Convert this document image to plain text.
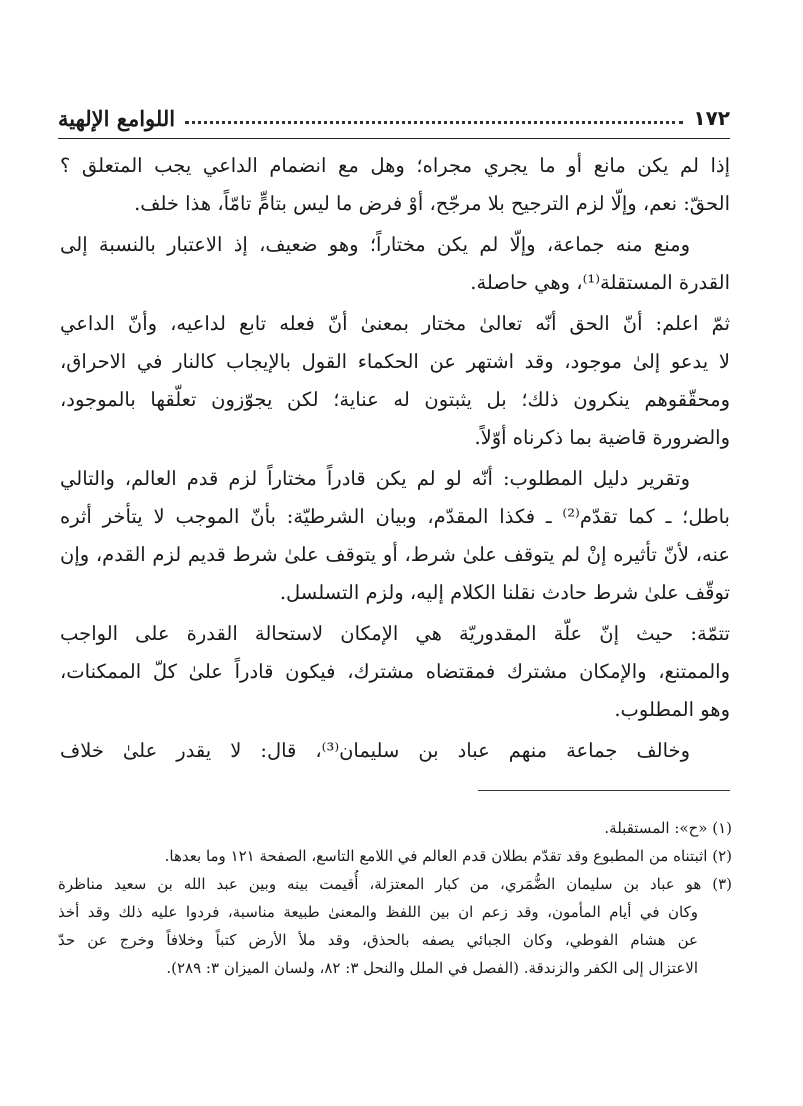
١٧٢
اللوامع الإلهية
إذا لم يكن مانع أو ما يجري مجراه؛ وهل مع انضمام الداعي يجب المتعلق ؟
الحقّ: نعم، وإلّا لزم الترجيح بلا مرجّح، أوْ فرض ما ليس بتامٍّ تامّاً، هذا خلف.
ومنع منه جماعة، وإلّا لم يكن مختاراً؛ وهو ضعيف، إذ الاعتبار بالنسبة إلى
القدرة المستقلة⁽¹⁾، وهي حاصلة.
ثمّ اعلم: أنّ الحق أنّه تعالىٰ مختار بمعنىٰ أنّ فعله تابع لداعيه، وأنّ الداعي
لا يدعو إلىٰ موجود، وقد اشتهر عن الحكماء القول بالإيجاب كالنار في الاحراق،
ومحقّقوهم ينكرون ذلك؛ بل يثبتون له عناية؛ لكن يجوّزون تعلّقها بالموجود،
والضرورة قاضية بما ذكرناه أوّلاً.
وتقرير دليل المطلوب: أنّه لو لم يكن قادراً مختاراً لزم قدم العالم، والتالي
باطل؛ ـ كما تقدّم⁽²⁾ ـ فكذا المقدّم، وبيان الشرطيّة: بأنّ الموجب لا يتأخر أثره
عنه، لأنّ تأثيره إنْ لم يتوقف علىٰ شرط، أو يتوقف علىٰ شرط قديم لزم القدم، وإن
توقّف علىٰ شرط حادث نقلنا الكلام إليه، ولزم التسلسل.
تتمّة: حيث إنّ علّة المقدوريّة هي الإمكان لاستحالة القدرة على الواجب
والممتنع، والإمكان مشترك فمقتضاه مشترك، فيكون قادراً علىٰ كلّ الممكنات،
وهو المطلوب.
وخالف جماعة منهم عباد بن سليمان⁽³⁾، قال: لا يقدر علىٰ خلاف
(١) «ح»: المستقبلة.
(٢) اثبتناه من المطبوع وقد تقدّم بطلان قدم العالم في اللامع التاسع، الصفحة ١٢١ وما بعدها.
(٣) هو عباد بن سليمان الضُّمَري، من كبار المعتزلة، أُقيمت بينه وبين عبد الله بن سعيد مناظرة
وكان في أيام المأمون، وقد زعم ان بين اللفظ والمعنىٰ طبيعة مناسبة، فردوا عليه ذلك وقد أخذ
عن هشام الفوطي، وكان الجبائي يصفه بالحذق، وقد ملأ الأرض كتباً وخلافاً وخرج عن حدّ
الاعتزال إلى الكفر والزندقة. (الفصل في الملل والنحل ٣: ٨٢، ولسان الميزان ٣: ٢٨٩).
